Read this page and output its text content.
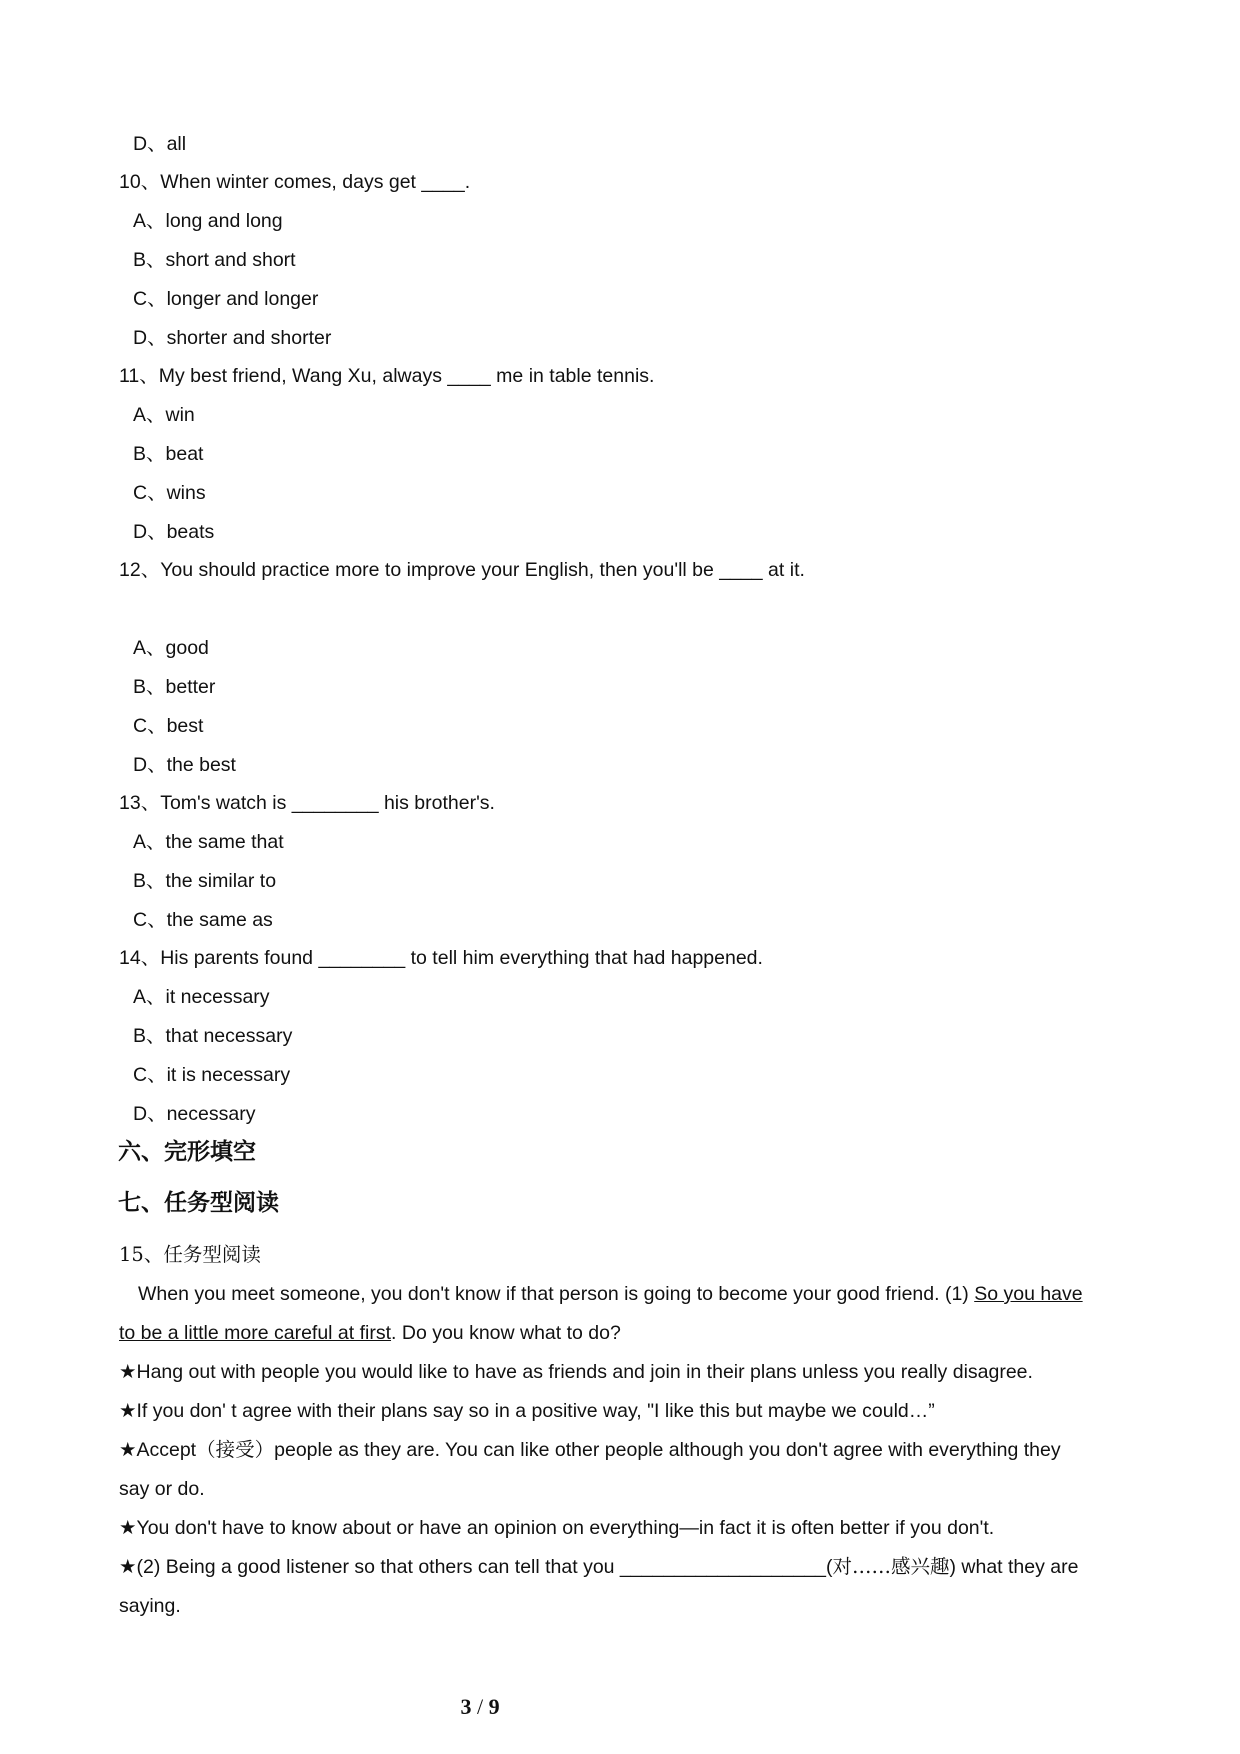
D、all
10、When winter comes, days get ____.
A、long and long
B、short and short
C、longer and longer
D、shorter and shorter
11、My best friend, Wang Xu, always ____ me in table tennis.
A、win
B、beat
C、wins
D、beats
12、You should practice more to improve your English, then you'll be ____ at it.
A、good
B、better
C、best
D、the best
13、Tom's watch is ________ his brother's.
A、the same that
B、the similar to
C、the same as
14、His parents found ________ to tell him everything that had happened.
A、it necessary
B、that necessary
C、it is necessary
D、necessary
六、完形填空
七、任务型阅读
15、任务型阅读
When you meet someone, you don't know if that person is going to become your good friend. (1) So you have
to be a little more careful at first. Do you know what to do?
★Hang out with people you would like to have as friends and join in their plans unless you really disagree.
★If you don' t agree with their plans say so in a positive way, "I like this but maybe we could…”
★Accept（接受）people as they are. You can like other people although you don't agree with everything they
say or do.
★You don't have to know about or have an opinion on everything—in fact it is often better if you don't.
★(2) Being a good listener so that others can tell that you ___________________(对……感兴趣) what they are
saying.
3 / 9
